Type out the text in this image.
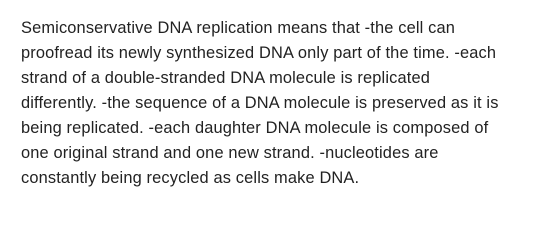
Semiconservative DNA replication means that -the cell can
proofread its newly synthesized DNA only part of the time. -each
strand of a double-stranded DNA molecule is replicated
differently. -the sequence of a DNA molecule is preserved as it is
being replicated. -each daughter DNA molecule is composed of
one original strand and one new strand. -nucleotides are
constantly being recycled as cells make DNA.
